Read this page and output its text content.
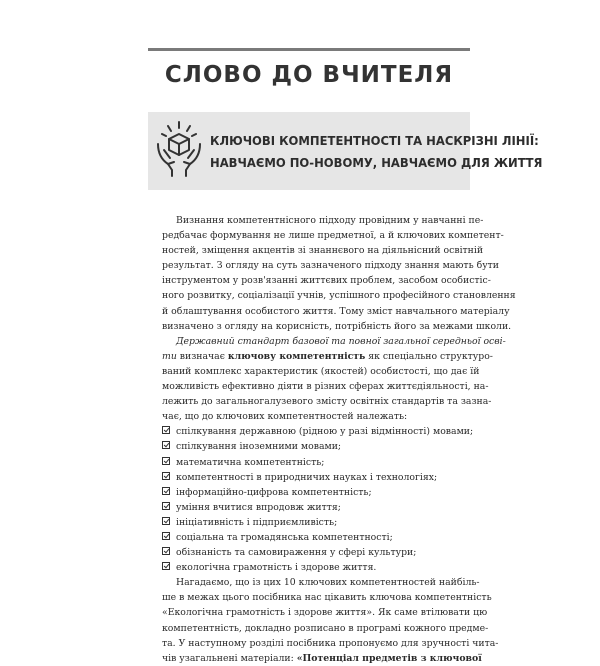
СЛОВО ДО ВЧИТЕЛЯ
КЛЮЧОВІ КОМПЕТЕНТНОСТІ ТА НАСКРІЗНІ ЛІНІЇ:
НАВЧАЄМО ПО-НОВОМУ, НАВЧАЄМО ДЛЯ ЖИТТЯ
Визнання компетентнісного підходу провідним у навчанні пе-
редбачає формування не лише предметної, а й ключових компетент-
ностей, зміщення акцентів зі знаннєвого на діяльнісний освітній
результат. З огляду на суть зазначеного підходу знання мають бути
інструментом у розв'язанні життєвих проблем, засобом особистіс-
ного розвитку, соціалізації учнів, успішного професійного становлення
й облаштування особистого життя. Тому зміст навчального матеріалу
визначено з огляду на корисність, потрібність його за межами школи.
Державний стандарт базової та повної загальної середньої осві-
ти визначає ключову компетентність як спеціально структуро-
ваний комплекс характеристик (якостей) особистості, що дає їй
можливість ефективно діяти в різних сферах життєдіяльності, на-
лежить до загальногалузевого змісту освітніх стандартів та зазна-
чає, що до ключових компетентностей належать:
спілкування державною (рідною у разі відмінності) мовами;
спілкування іноземними мовами;
математична компетентність;
компетентності в природничих науках і технологіях;
інформаційно-цифрова компетентність;
уміння вчитися впродовж життя;
ініціативність і підприємливість;
соціальна та громадянська компетентності;
обізнаність та самовираження у сфері культури;
екологічна грамотність і здорове життя.
Нагадаємо, що із цих 10 ключових компетентностей найбіль-
ше в межах цього посібника нас цікавить ключова компетентність
«Екологічна грамотність і здорове життя». Як саме втілювати цю
компетентність, докладно розписано в програмі кожного предме-
та. У наступному розділі посібника пропонуємо для зручності чита-
чів узагальнені матеріали: «Потенціал предметів з ключової
